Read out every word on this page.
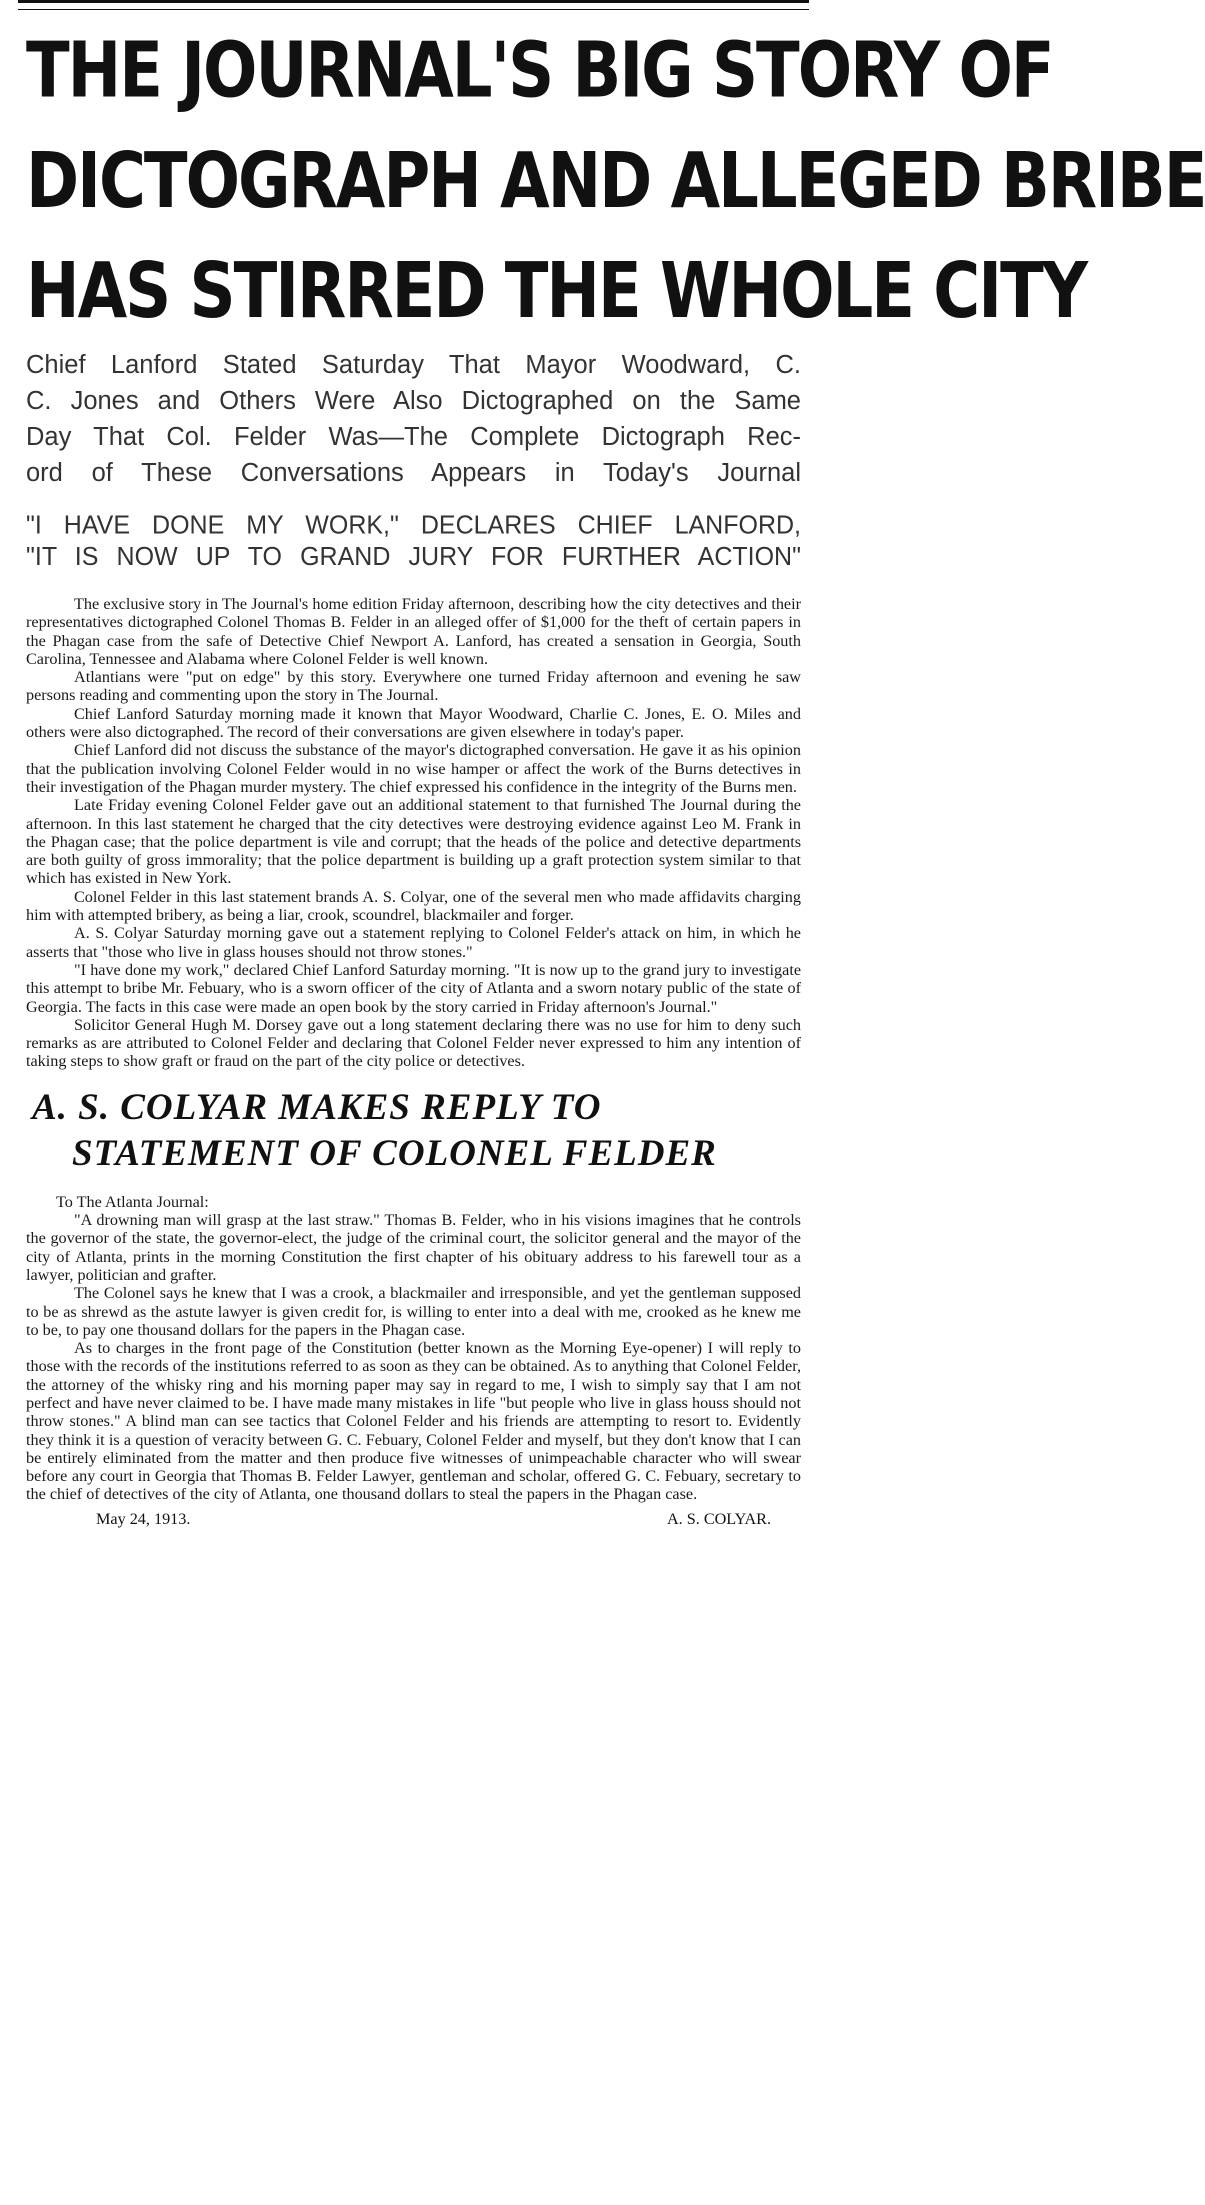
THE JOURNAL'S BIG STORY OF
DICTOGRAPH AND ALLEGED BRIBE
HAS STIRRED THE WHOLE CITY
Chief Lanford Stated Saturday That Mayor Woodward, C.
C. Jones and Others Were Also Dictographed on the Same
Day That Col. Felder Was—The Complete Dictograph Rec-
ord of These Conversations Appears in Today's Journal
"I HAVE DONE MY WORK," DECLARES CHIEF LANFORD,
"IT IS NOW UP TO GRAND JURY FOR FURTHER ACTION"

The exclusive story in The Journal's home edition Friday afternoon, describing how the city detectives and their representatives dictographed Colonel Thomas B. Felder in an alleged offer of $1,000 for the theft of certain papers in the Phagan case from the safe of Detective Chief Newport A. Lanford, has created a sensation in Georgia, South Carolina, Tennessee and Alabama where Colonel Felder is well known.

Atlantians were "put on edge" by this story. Everywhere one turned Friday afternoon and evening he saw persons reading and commenting upon the story in The Journal.

Chief Lanford Saturday morning made it known that Mayor Woodward, Charlie C. Jones, E. O. Miles and others were also dictographed. The record of their conversations are given elsewhere in today's paper.

Chief Lanford did not discuss the substance of the mayor's dictographed conversation. He gave it as his opinion that the publication involving Colonel Felder would in no wise hamper or affect the work of the Burns detectives in their investigation of the Phagan murder mystery. The chief expressed his confidence in the integrity of the Burns men.

Late Friday evening Colonel Felder gave out an additional statement to that furnished The Journal during the afternoon. In this last statement he charged that the city detectives were destroying evidence against Leo M. Frank in the Phagan case; that the police department is vile and corrupt; that the heads of the police and detective departments are both guilty of gross immorality; that the police department is building up a graft protection system similar to that which has existed in New York.

Colonel Felder in this last statement brands A. S. Colyar, one of the several men who made affidavits charging him with attempted bribery, as being a liar, crook, scoundrel, blackmailer and forger.

A. S. Colyar Saturday morning gave out a statement replying to Colonel Felder's attack on him, in which he asserts that "those who live in glass houses should not throw stones."

"I have done my work," declared Chief Lanford Saturday morning. "It is now up to the grand jury to investigate this attempt to bribe Mr. Febuary, who is a sworn officer of the city of Atlanta and a sworn notary public of the state of Georgia. The facts in this case were made an open book by the story carried in Friday afternoon's Journal."

Solicitor General Hugh M. Dorsey gave out a long statement declaring there was no use for him to deny such remarks as are attributed to Colonel Felder and declaring that Colonel Felder never expressed to him any intention of taking steps to show graft or fraud on the part of the city police or detectives.

A. S. COLYAR MAKES REPLY TO
STATEMENT OF COLONEL FELDER

To The Atlanta Journal:

"A drowning man will grasp at the last straw." Thomas B. Felder, who in his visions imagines that he controls the governor of the state, the governor-elect, the judge of the criminal court, the solicitor general and the mayor of the city of Atlanta, prints in the morning Constitution the first chapter of his obituary address to his farewell tour as a lawyer, politician and grafter.

The Colonel says he knew that I was a crook, a blackmailer and irresponsible, and yet the gentleman supposed to be as shrewd as the astute lawyer is given credit for, is willing to enter into a deal with me, crooked as he knew me to be, to pay one thousand dollars for the papers in the Phagan case.

As to charges in the front page of the Constitution (better known as the Morning Eye-opener) I will reply to those with the records of the institutions referred to as soon as they can be obtained. As to anything that Colonel Felder, the attorney of the whisky ring and his morning paper may say in regard to me, I wish to simply say that I am not perfect and have never claimed to be. I have made many mistakes in life "but people who live in glass houss should not throw stones." A blind man can see tactics that Colonel Felder and his friends are attempting to resort to. Evidently they think it is a question of veracity between G. C. Febuary, Colonel Felder and myself, but they don't know that I can be entirely eliminated from the matter and then produce five witnesses of unimpeachable character who will swear before any court in Georgia that Thomas B. Felder Lawyer, gentleman and scholar, offered G. C. Febuary, secretary to the chief of detectives of the city of Atlanta, one thousand dollars to steal the papers in the Phagan case.

May 24, 1913.	A. S. COLYAR.
